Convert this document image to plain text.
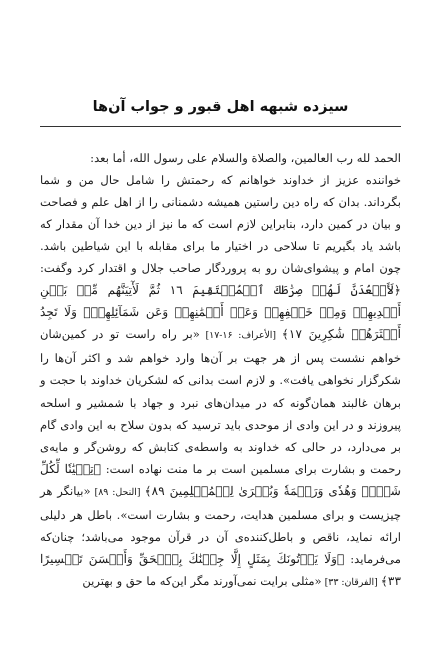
سیزده شبهه اهل قبور و جواب آن‌ها

الحمد لله رب العالمین، والصلاة والسلام علی رسول الله، أما بعد:

خواننده عزیز از خداوند خواهانم که رحمتش را شامل حال من و شما بگرداند. بدان که راه دین راستین همیشه دشمنانی را از اهل علم و فصاحت و بیان در کمین دارد، بنابراین لازم است که ما نیز از دین خدا آن مقدار که باشد یاد بگیریم تا سلاحی در اختیار ما برای مقابله با این شیاطین باشد. چون امام و پیشوای‌شان رو به پروردگار صاحب جلال و اقتدار کرد وگفت: ﴿لَأَقۡعُدَنَّ لَهُمۡ صِرَٰطَكَ ٱلۡمُسۡتَقِيمَ ١٦ ثُمَّ لَأٓتِيَنَّهُم مِّنۢ بَيۡنِ أَيۡدِيهِمۡ وَمِنۡ خَلۡفِهِمۡ وَعَنۡ أَيۡمَٰنِهِمۡ وَعَن شَمَآئِلِهِمۡۖ وَلَا تَجِدُ أَكۡثَرَهُمۡ شَٰكِرِينَ ١٧﴾ [الأعراف: ۱۶-۱۷] «بر راه راست تو در کمین‌شان خواهم نشست پس از هر جهت بر آن‌ها وارد خواهم شد و اکثر آن‌ها را شکرگزار نخواهی یافت». و لازم است بدانی که لشکریان خداوند با حجت و برهان غالبند همان‌گونه که در میدان‌های نبرد و جهاد با شمشیر و اسلحه پیروزند و در این وادی از موحدی باید ترسید که بدون سلاح به این وادی گام بر می‌دارد، در حالی که خداوند به واسطه‌ی کتابش که روشن‌گر و مایه‌ی رحمت و بشارت برای مسلمین است بر ما منت نهاده است: ﴿تِبۡيَٰنٗا لِّكُلِّ شَيۡءٖ وَهُدٗى وَرَحۡمَةٗ وَبُشۡرَىٰ لِلۡمُسۡلِمِينَ ٨٩﴾ [النحل: ۸۹] «بیانگر هر چیزیست و برای مسلمین هدایت، رحمت و بشارت است». باطل هر دلیلی ارائه نماید، ناقص و باطل‌کننده‌ی آن در قرآن موجود می‌باشد؛ چنان‌که می‌فرماید: ﴿وَلَا يَأۡتُونَكَ بِمَثَلٍ إِلَّا جِئۡنَٰكَ بِٱلۡحَقِّ وَأَحۡسَنَ تَفۡسِيرًا ٣٣﴾ [الفرقان: ۳۳] «مثلی برایت نمی‌آورند مگر این‌که ما حق و بهترین
